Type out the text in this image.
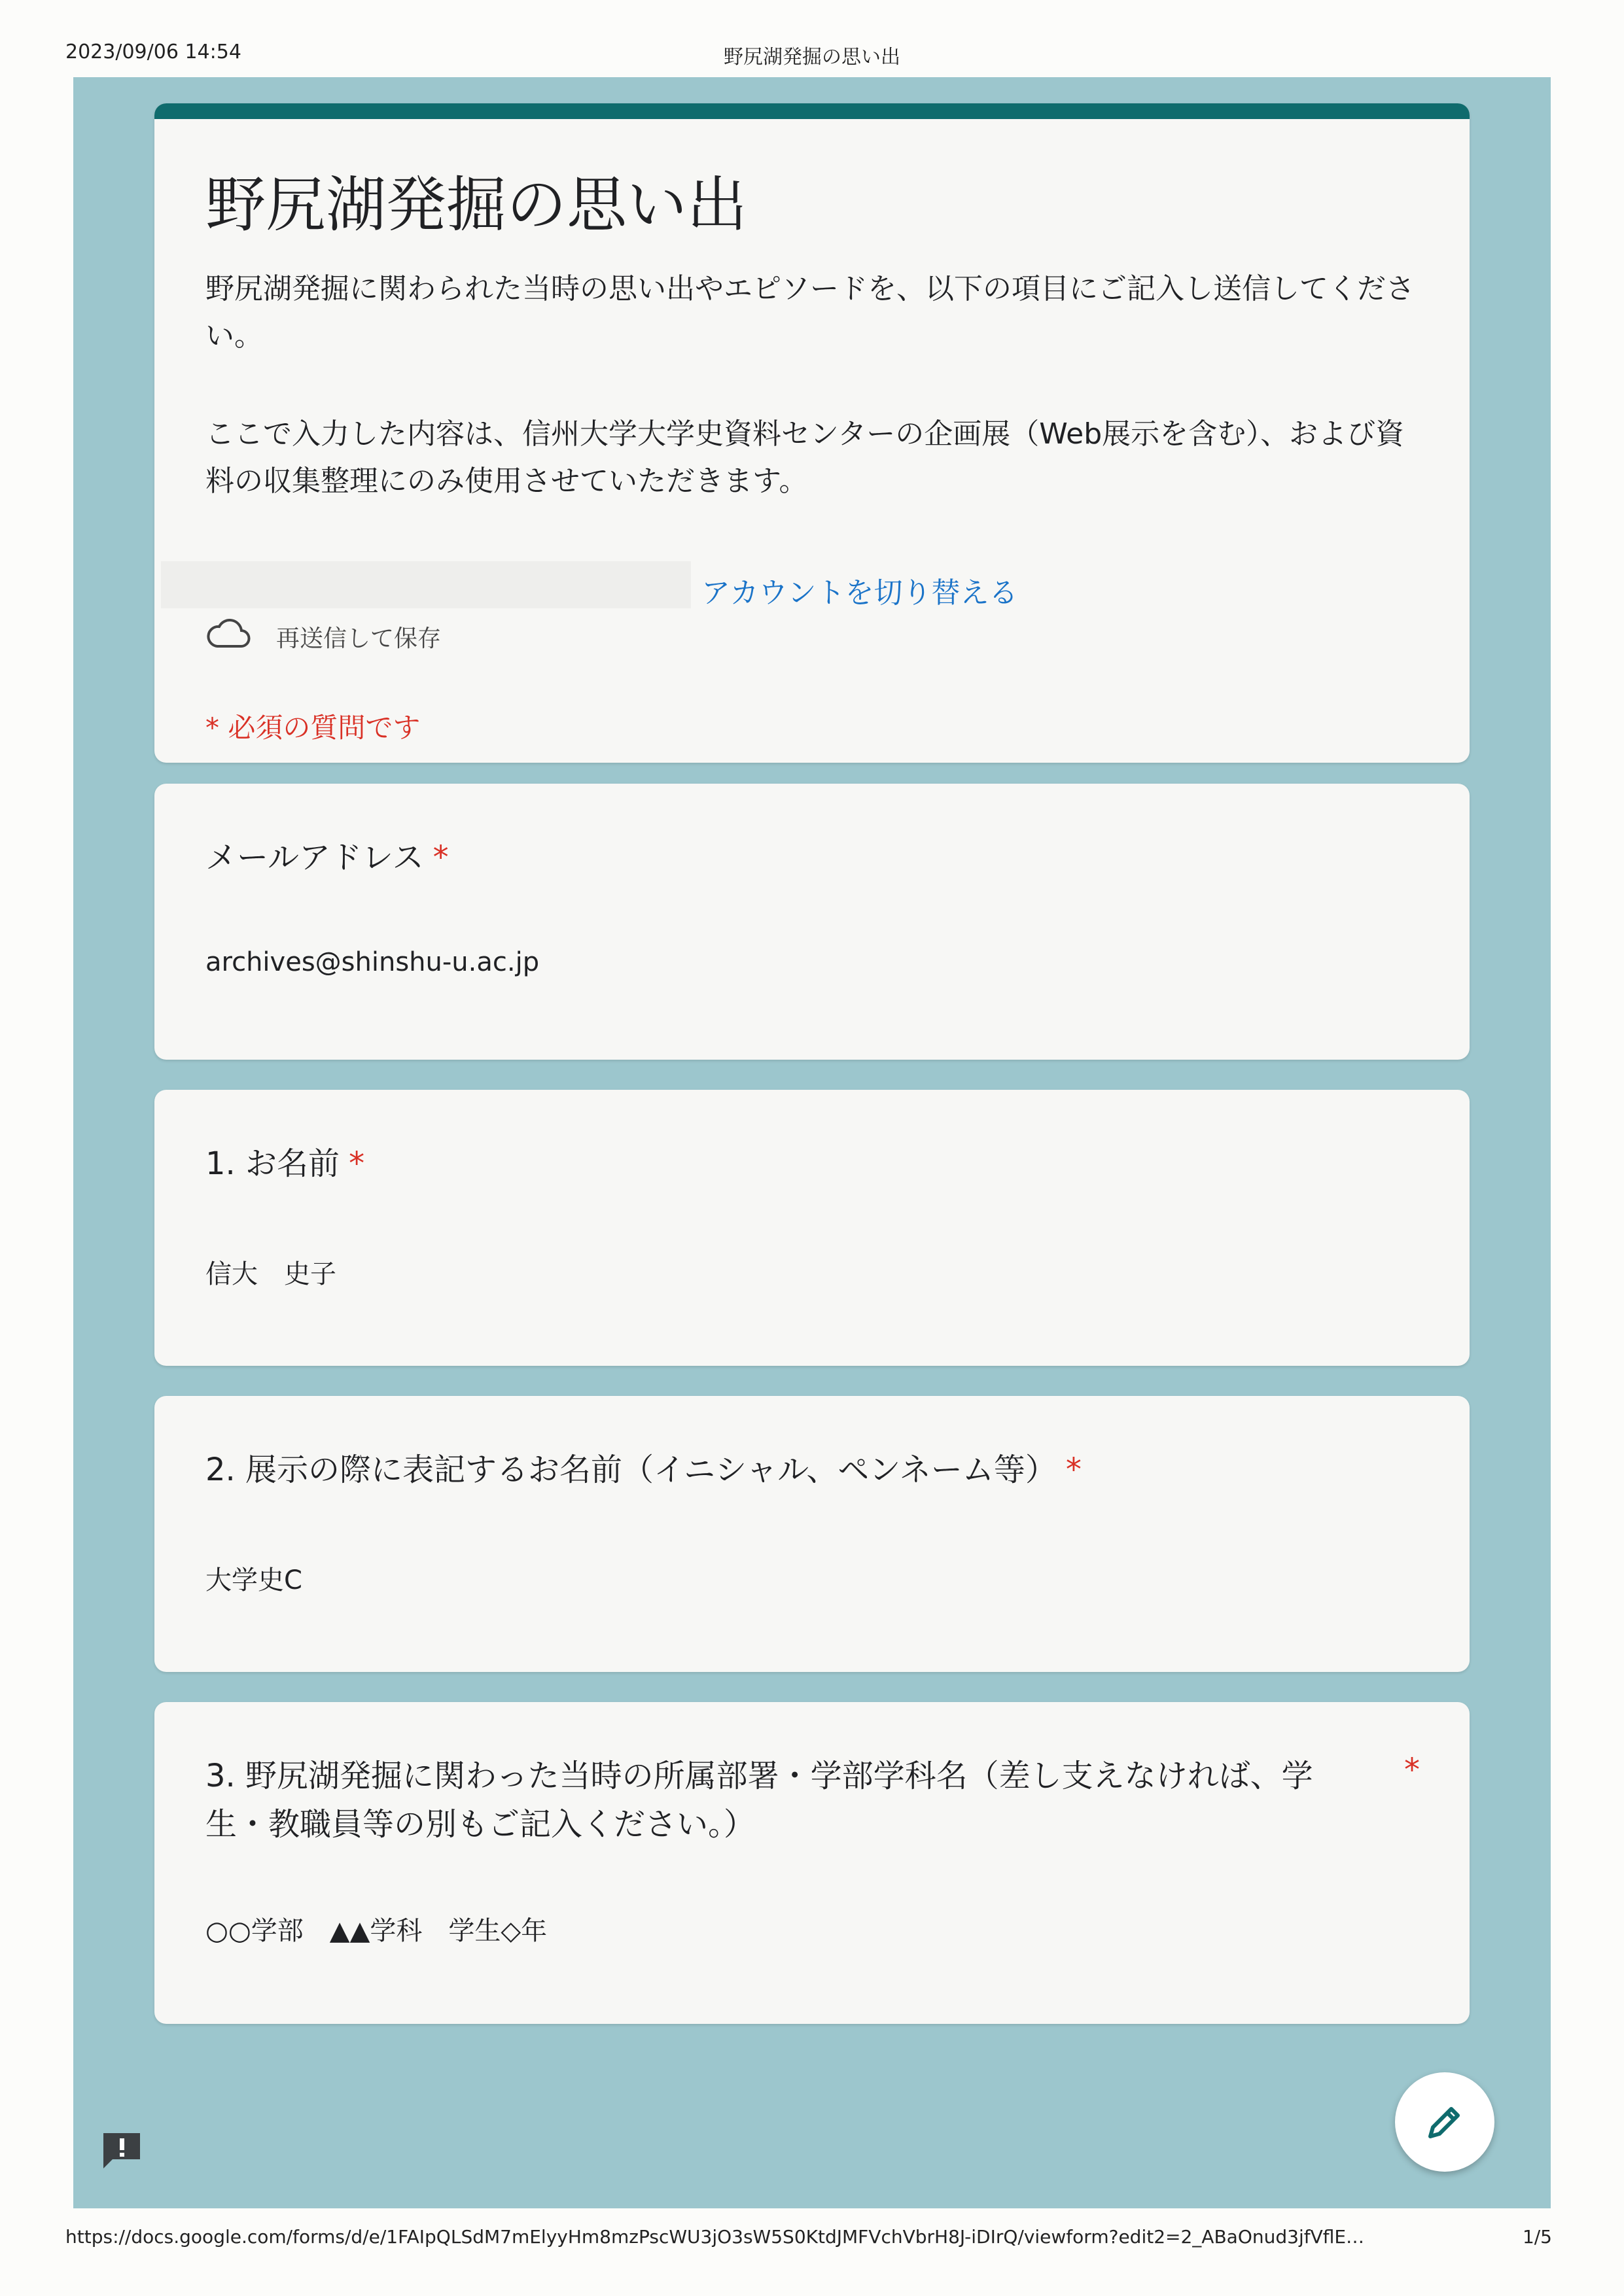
2023/09/06 14:54	野尻湖発掘の思い出
野尻湖発掘の思い出
野尻湖発掘に関わられた当時の思い出やエピソードを、以下の項目にご記入し送信してください。
ここで入力した内容は、信州大学大学史資料センターの企画展（Web展示を含む）、および資料の収集整理にのみ使用させていただきます。
アカウントを切り替える
再送信して保存
* 必須の質問です
メールアドレス *
archives@shinshu-u.ac.jp
1. お名前 *
信大　史子
2. 展示の際に表記するお名前（イニシャル、ペンネーム等） *
大学史C
3. 野尻湖発掘に関わった当時の所属部署・学部学科名（差し支えなければ、学生・教職員等の別もご記入ください。）
*
○○学部　▲▲学科　学生◇年
https://docs.google.com/forms/d/e/1FAIpQLSdM7mElyyHm8mzPscWU3jO3sW5S0KtdJMFVchVbrH8J-iDIrQ/viewform?edit2=2_ABaOnud3jfVflE…	1/5
